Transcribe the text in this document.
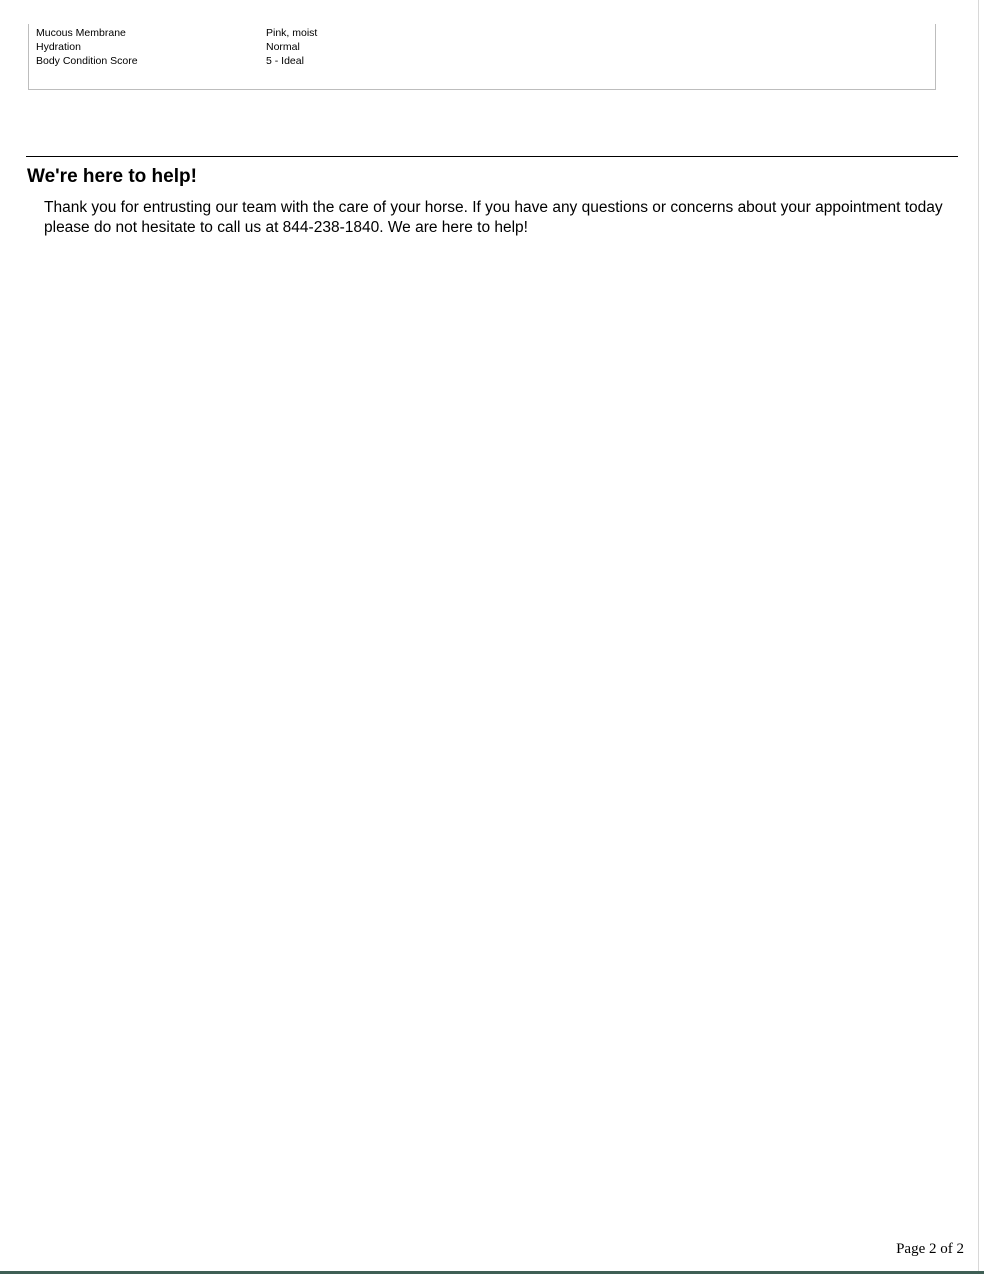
Mucous Membrane	Pink, moist
Hydration	Normal
Body Condition Score	5 - Ideal
We're here to help!
Thank you for entrusting our team with the care of your horse. If you have any questions or concerns about your appointment today please do not hesitate to call us at 844-238-1840. We are here to help!
Page 2 of 2
